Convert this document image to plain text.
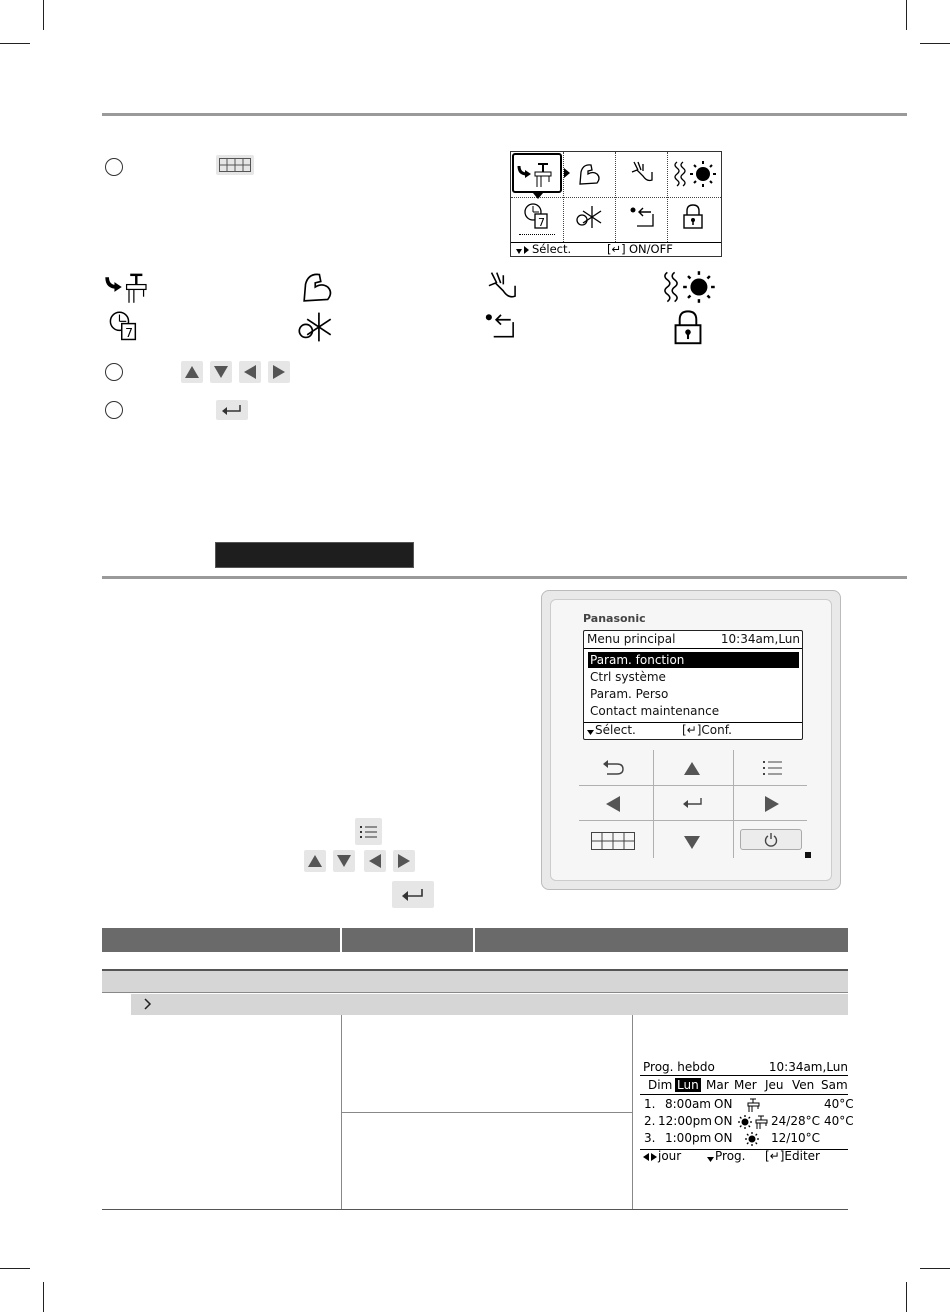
7
Sélect.	[↵] ON/OFF
7
Panasonic
Menu principal	10:34am,Lun
Param. fonction
Ctrl système
Param. Perso
Contact maintenance
Sélect.	[↵]Conf.
Prog. hebdo	10:34am,Lun
Dim Lun Mar Mer Jeu Ven Sam
1. 8:00am ON	40°C
2. 12:00pm ON	24/28°C 40°C
3. 1:00pm ON	12/10°C
jour	Prog. [↵]Editer
